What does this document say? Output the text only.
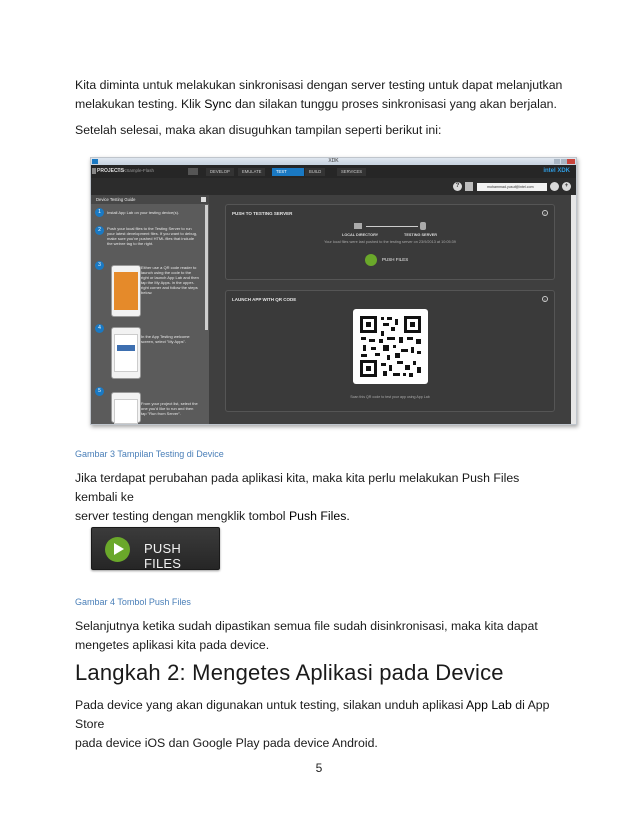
Kita diminta untuk melakukan sinkronisasi dengan server testing untuk dapat melanjutkan
melakukan testing. Klik Sync dan silakan tunggu proses sinkronisasi yang akan berjalan.
Setelah selesai, maka akan disuguhkan tampilan seperti berikut ini:
XDK
PROJECTS
XDKSample-Flash	DEVELOP	EMULATE	TEST	BUILD	SERVICES	intel XDK
?	mohammad.yusuf@intel.com	+
Device Testing Guide
1	Install App Lab on your testing device(s).
2	Push your local files to the Testing Server to run your latest development files. If you want to debug, make sure you've pushed HTML files that include the weinre tag to the right.
3	Either use a QR code reader to launch using the code to the right or launch App Lab and then tap the My Apps. in the upper-right corner and follow the steps below.
4
In the App Testing welcome screen, select "My Apps".
5
From your project list, select the one you'd like to run and then tap "Run from Server".
PUSH TO TESTING SERVER	i
LOCAL DIRECTORY	TESTING SERVER
Your local files were last pushed to the testing server on 23/9/2013 at 10:05:39
PUSH FILES
LAUNCH APP WITH QR CODE	i
Scan this QR code to test your app using App Lab
Gambar 3 Tampilan Testing di Device
Jika terdapat perubahan pada aplikasi kita, maka kita perlu melakukan Push Files kembali ke
server testing dengan mengklik tombol Push Files.
PUSH FILES
Gambar 4 Tombol Push Files
Selanjutnya ketika sudah dipastikan semua file sudah disinkronisasi, maka kita dapat
mengetes aplikasi kita pada device.
Langkah 2: Mengetes Aplikasi pada Device
Pada device yang akan digunakan untuk testing, silakan unduh aplikasi App Lab di App Store
pada device iOS dan Google Play pada device Android.
5
